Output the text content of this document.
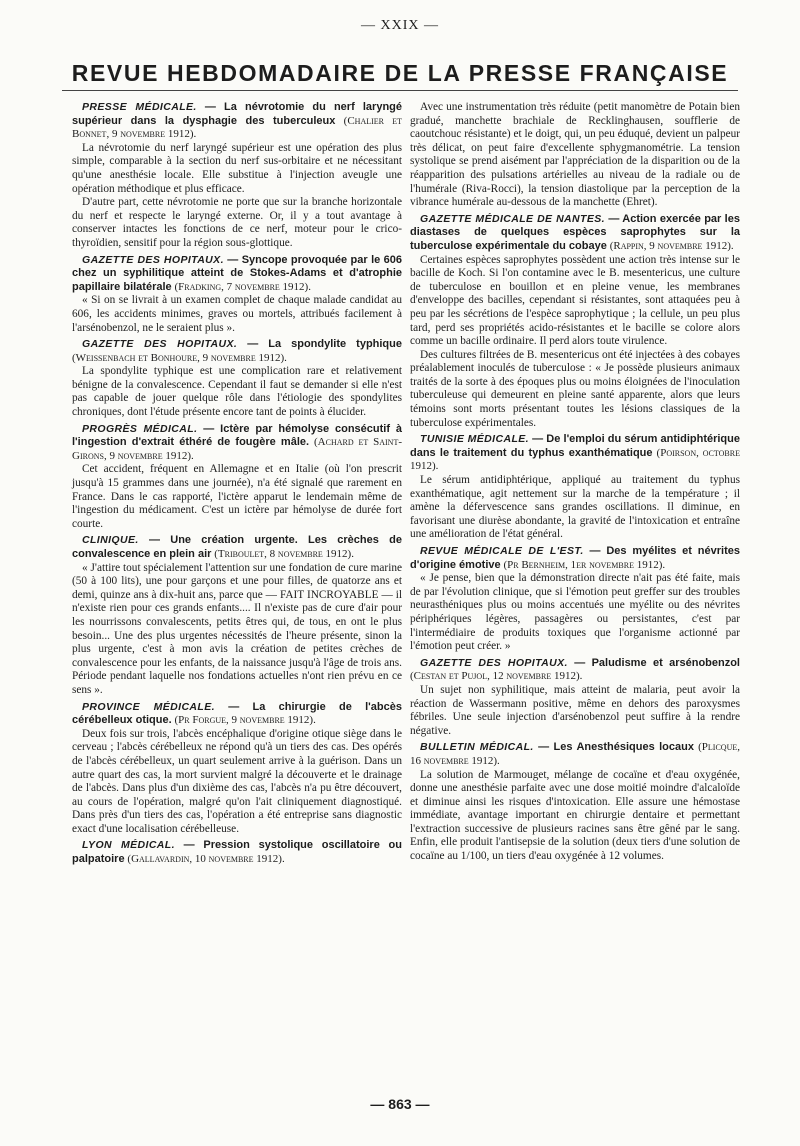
— XXIX —
REVUE HEBDOMADAIRE DE LA PRESSE FRANÇAISE

PRESSE MÉDICALE. — La névrotomie du nerf laryngé supérieur dans la dysphagie des tuberculeux (Chalier et Bonnet, 9 novembre 1912).

La névrotomie du nerf laryngé supérieur est une opération des plus simple, comparable à la section du nerf sus-orbitaire et ne nécessitant qu'une anesthésie locale. Elle substitue à l'injection aveugle une opération méthodique et plus efficace.

D'autre part, cette névrotomie ne porte que sur la branche horizontale du nerf et respecte le laryngé externe. Or, il y a tout avantage à conserver intactes les fonctions de ce nerf, moteur pour le crico-thyroïdien, sensitif pour la région sous-glottique.

GAZETTE DES HOPITAUX. — Syncope provoquée par le 606 chez un syphilitique atteint de Stokes-Adams et d'atrophie papillaire bilatérale (Fradking, 7 novembre 1912).

« Si on se livrait à un examen complet de chaque malade candidat au 606, les accidents minimes, graves ou mortels, attribués facilement à l'arsénobenzol, ne le seraient plus ».

GAZETTE DES HOPITAUX. — La spondylite typhique (Weissenbach et Bonhoure, 9 novembre 1912).

La spondylite typhique est une complication rare et relativement bénigne de la convalescence. Cependant il faut se demander si elle n'est pas capable de jouer quelque rôle dans l'étiologie des spondylites chroniques, dont l'étude présente encore tant de points à élucider.

PROGRÈS MÉDICAL. — Ictère par hémolyse consécutif à l'ingestion d'extrait éthéré de fougère mâle. (Achard et Saint-Girons, 9 novembre 1912).

Cet accident, fréquent en Allemagne et en Italie (où l'on prescrit jusqu'à 15 grammes dans une journée), n'a été signalé que rarement en France. Dans le cas rapporté, l'ictère apparut le lendemain même de l'ingestion du médicament. C'est un ictère par hémolyse de durée fort courte.

CLINIQUE. — Une création urgente. Les crèches de convalescence en plein air (Triboulet, 8 novembre 1912).

« J'attire tout spécialement l'attention sur une fondation de cure marine (50 à 100 lits), une pour garçons et une pour filles, de quatorze ans et demi, quinze ans à dix-huit ans, parce que — FAIT INCROYABLE — il n'existe rien pour ces grands enfants.... Il n'existe pas de cure d'air pour les nourrissons convalescents, petits êtres qui, de tous, en ont le plus besoin... Une des plus urgentes nécessités de l'heure présente, sinon la plus urgente, c'est à mon avis la création de petites crèches de convalescence pour les enfants, de la naissance jusqu'à l'âge de trois ans. Période pendant laquelle nos fondations actuelles n'ont rien prévu en ce sens ».

PROVINCE MÉDICALE. — La chirurgie de l'abcès cérébelleux otique. (Pr Forgue, 9 novembre 1912).

Deux fois sur trois, l'abcès encéphalique d'origine otique siège dans le cerveau ; l'abcès cérébelleux ne répond qu'à un tiers des cas. Des opérés de l'abcès cérébelleux, un quart seulement arrive à la guérison. Dans un autre quart des cas, la mort survient malgré la découverte et le drainage de l'abcès. Dans plus d'un dixième des cas, l'abcès n'a pu être découvert, au cours de l'opération, malgré qu'on l'ait cliniquement diagnostiqué. Dans près d'un tiers des cas, l'opération a été entreprise sans diagnostic exact d'une localisation cérébelleuse.

LYON MÉDICAL. — Pression systolique oscillatoire ou palpatoire (Gallavardin, 10 novembre 1912).

Avec une instrumentation très réduite (petit manomètre de Potain bien gradué, manchette brachiale de Recklinghausen, soufflerie de caoutchouc résistante) et le doigt, qui, un peu éduqué, devient un palpeur très délicat, on peut faire d'excellente sphygmanométrie. La tension systolique se prend aisément par l'appréciation de la disparition ou de la réapparition des pulsations artérielles au niveau de la radiale ou de l'humérale (Riva-Rocci), la tension diastolique par la perception de la vibrance humérale au-dessous de la manchette (Ehret).

GAZETTE MÉDICALE DE NANTES. — Action exercée par les diastases de quelques espèces saprophytes sur la tuberculose expérimentale du cobaye (Rappin, 9 novembre 1912).

Certaines espèces saprophytes possèdent une action très intense sur le bacille de Koch. Si l'on contamine avec le B. mesentericus, une culture de tuberculose en bouillon et en pleine venue, les membranes d'enveloppe des bacilles, cependant si résistantes, sont attaquées peu à peu par les sécrétions de l'espèce saprophytique ; la cellule, un peu plus tard, perd ses propriétés acido-résistantes et le bacille se colore alors comme un bacille ordinaire. Il perd alors toute virulence.

Des cultures filtrées de B. mesentericus ont été injectées à des cobayes préalablement inoculés de tuberculose : « Je possède plusieurs animaux traités de la sorte à des époques plus ou moins éloignées de l'inoculation tuberculeuse qui demeurent en pleine santé apparente, alors que leurs témoins sont morts présentant toutes les lésions classiques de la tuberculose expérimentales.

TUNISIE MÉDICALE. — De l'emploi du sérum antidiphtérique dans le traitement du typhus exanthématique (Poirson, octobre 1912).

Le sérum antidiphtérique, appliqué au traitement du typhus exanthématique, agit nettement sur la marche de la température ; il amène la défervescence sans grandes oscillations. Il diminue, en favorisant une diurèse abondante, la gravité de l'intoxication et entraîne une amélioration de l'état général.

REVUE MÉDICALE DE L'EST. — Des myélites et névrites d'origine émotive (Pr Bernheim, 1er novembre 1912).

« Je pense, bien que la démonstration directe n'ait pas été faite, mais de par l'évolution clinique, que si l'émotion peut greffer sur des troubles neurasthéniques plus ou moins accentués une myélite ou des névrites périphériques légères, passagères ou persistantes, c'est par l'intermédiaire de produits toxiques que l'organisme actionné par l'émotion peut créer. »

GAZETTE DES HOPITAUX. — Paludisme et arsénobenzol (Cestan et Pujol, 12 novembre 1912).

Un sujet non syphilitique, mais atteint de malaria, peut avoir la réaction de Wassermann positive, même en dehors des paroxysmes fébriles. Une seule injection d'arsénobenzol peut suffire à la rendre négative.

BULLETIN MÉDICAL. — Les Anesthésiques locaux (Plicque, 16 novembre 1912).

La solution de Marmouget, mélange de cocaïne et d'eau oxygénée, donne une anesthésie parfaite avec une dose moitié moindre d'alcaloïde et diminue ainsi les risques d'intoxication. Elle assure une hémostase immédiate, avantage important en chirurgie dentaire et permettant l'extraction successive de plusieurs racines sans être gêné par le sang. Enfin, elle produit l'antisepsie de la solution (deux tiers d'une solution de cocaïne au 1/100, un tiers d'eau oxygénée à 12 volumes.

— 863 —
